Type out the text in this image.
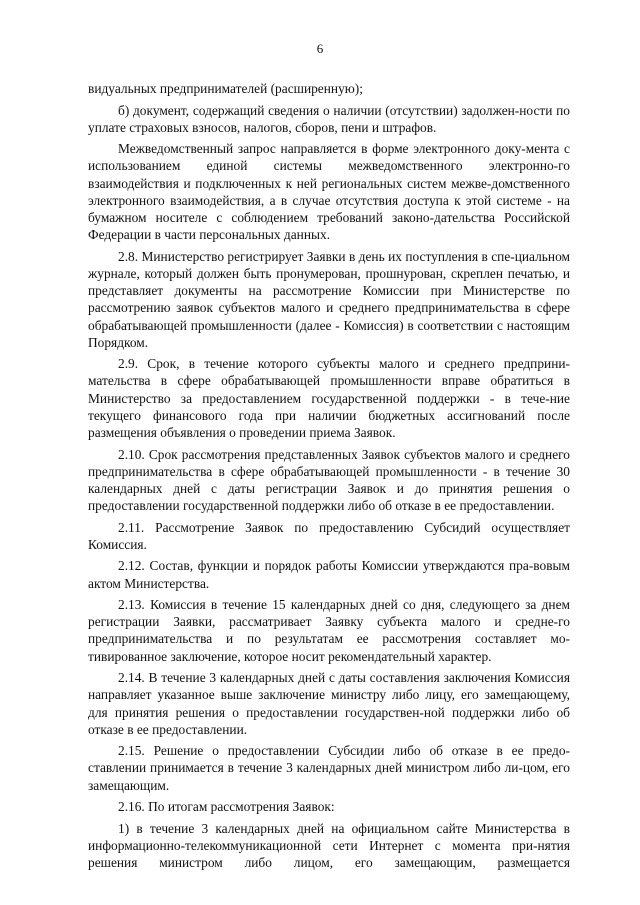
6

видуальных предпринимателей (расширенную);

б) документ, содержащий сведения о наличии (отсутствии) задолжен-ности по уплате страховых взносов, налогов, сборов, пени и штрафов.

Межведомственный запрос направляется в форме электронного доку-мента с использованием единой системы межведомственного электронно-го взаимодействия и подключенных к ней региональных систем межве-домственного электронного взаимодействия, а в случае отсутствия доступа к этой системе - на бумажном носителе с соблюдением требований законо-дательства Российской Федерации в части персональных данных.

2.8. Министерство регистрирует Заявки в день их поступления в спе-циальном журнале, который должен быть пронумерован, прошнурован, скреплен печатью, и представляет документы на рассмотрение Комиссии при Министерстве по рассмотрению заявок субъектов малого и среднего предпринимательства в сфере обрабатывающей промышленности (далее - Комиссия) в соответствии с настоящим Порядком.

2.9. Срок, в течение которого субъекты малого и среднего предприни-мательства в сфере обрабатывающей промышленности вправе обратиться в Министерство за предоставлением государственной поддержки - в тече-ние текущего финансового года при наличии бюджетных ассигнований после размещения объявления о проведении приема Заявок.

2.10. Срок рассмотрения представленных Заявок субъектов малого и среднего предпринимательства в сфере обрабатывающей промышленности - в течение 30 календарных дней с даты регистрации Заявок и до принятия решения о предоставлении государственной поддержки либо об отказе в ее предоставлении.

2.11. Рассмотрение Заявок по предоставлению Субсидий осуществляет Комиссия.

2.12. Состав, функции и порядок работы Комиссии утверждаются пра-вовым актом Министерства.

2.13. Комиссия в течение 15 календарных дней со дня, следующего за днем регистрации Заявки, рассматривает Заявку субъекта малого и средне-го предпринимательства и по результатам ее рассмотрения составляет мо-тивированное заключение, которое носит рекомендательный характер.

2.14. В течение 3 календарных дней с даты составления заключения Комиссия направляет указанное выше заключение министру либо лицу, его замещающему, для принятия решения о предоставлении государствен-ной поддержки либо об отказе в ее предоставлении.

2.15. Решение о предоставлении Субсидии либо об отказе в ее предо-ставлении принимается в течение 3 календарных дней министром либо ли-цом, его замещающим.

2.16. По итогам рассмотрения Заявок:

1) в течение 3 календарных дней на официальном сайте Министерства в информационно-телекоммуникационной сети Интернет с момента при-нятия решения министром либо лицом, его замещающим, размещается
